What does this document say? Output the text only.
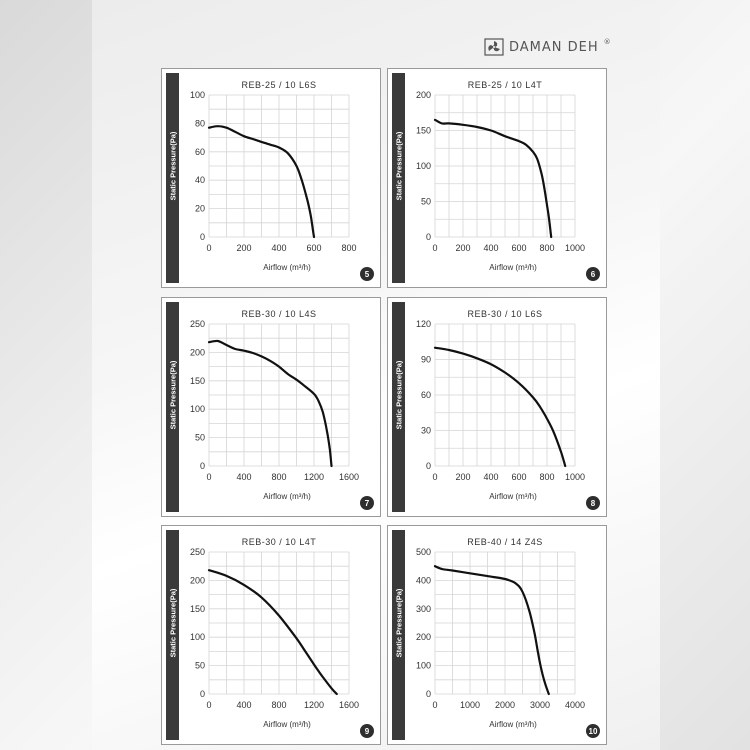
DAMAN DEH ®
Static Pressure(Pa)
REB-25 / 10 L6S
0
20
40
60
80
100
0	200 400 600 800
Airflow (m³/h)
5
Static Pressure(Pa)
REB-25 / 10 L4T
0
50
100
150
200
0 200 400 600 800 1000
Airflow (m³/h)
6
Static Pressure(Pa)
REB-30 / 10 L4S
0
50
100
150
200
250
0	400 800 1200 1600
Airflow (m³/h)
7
Static Pressure(Pa)
REB-30 / 10 L6S
0
30
60
90
120
0 200 400 600 800 1000
Airflow (m³/h)
8
Static Pressure(Pa)
REB-30 / 10 L4T
0
50
100
150
200
250
0	400 800 1200 1600
Airflow (m³/h)
9
Static Pressure(Pa)
REB-40 / 14 Z4S
0
100
200
300
400
500
0 1000 2000 3000 4000
Airflow (m³/h)
10
